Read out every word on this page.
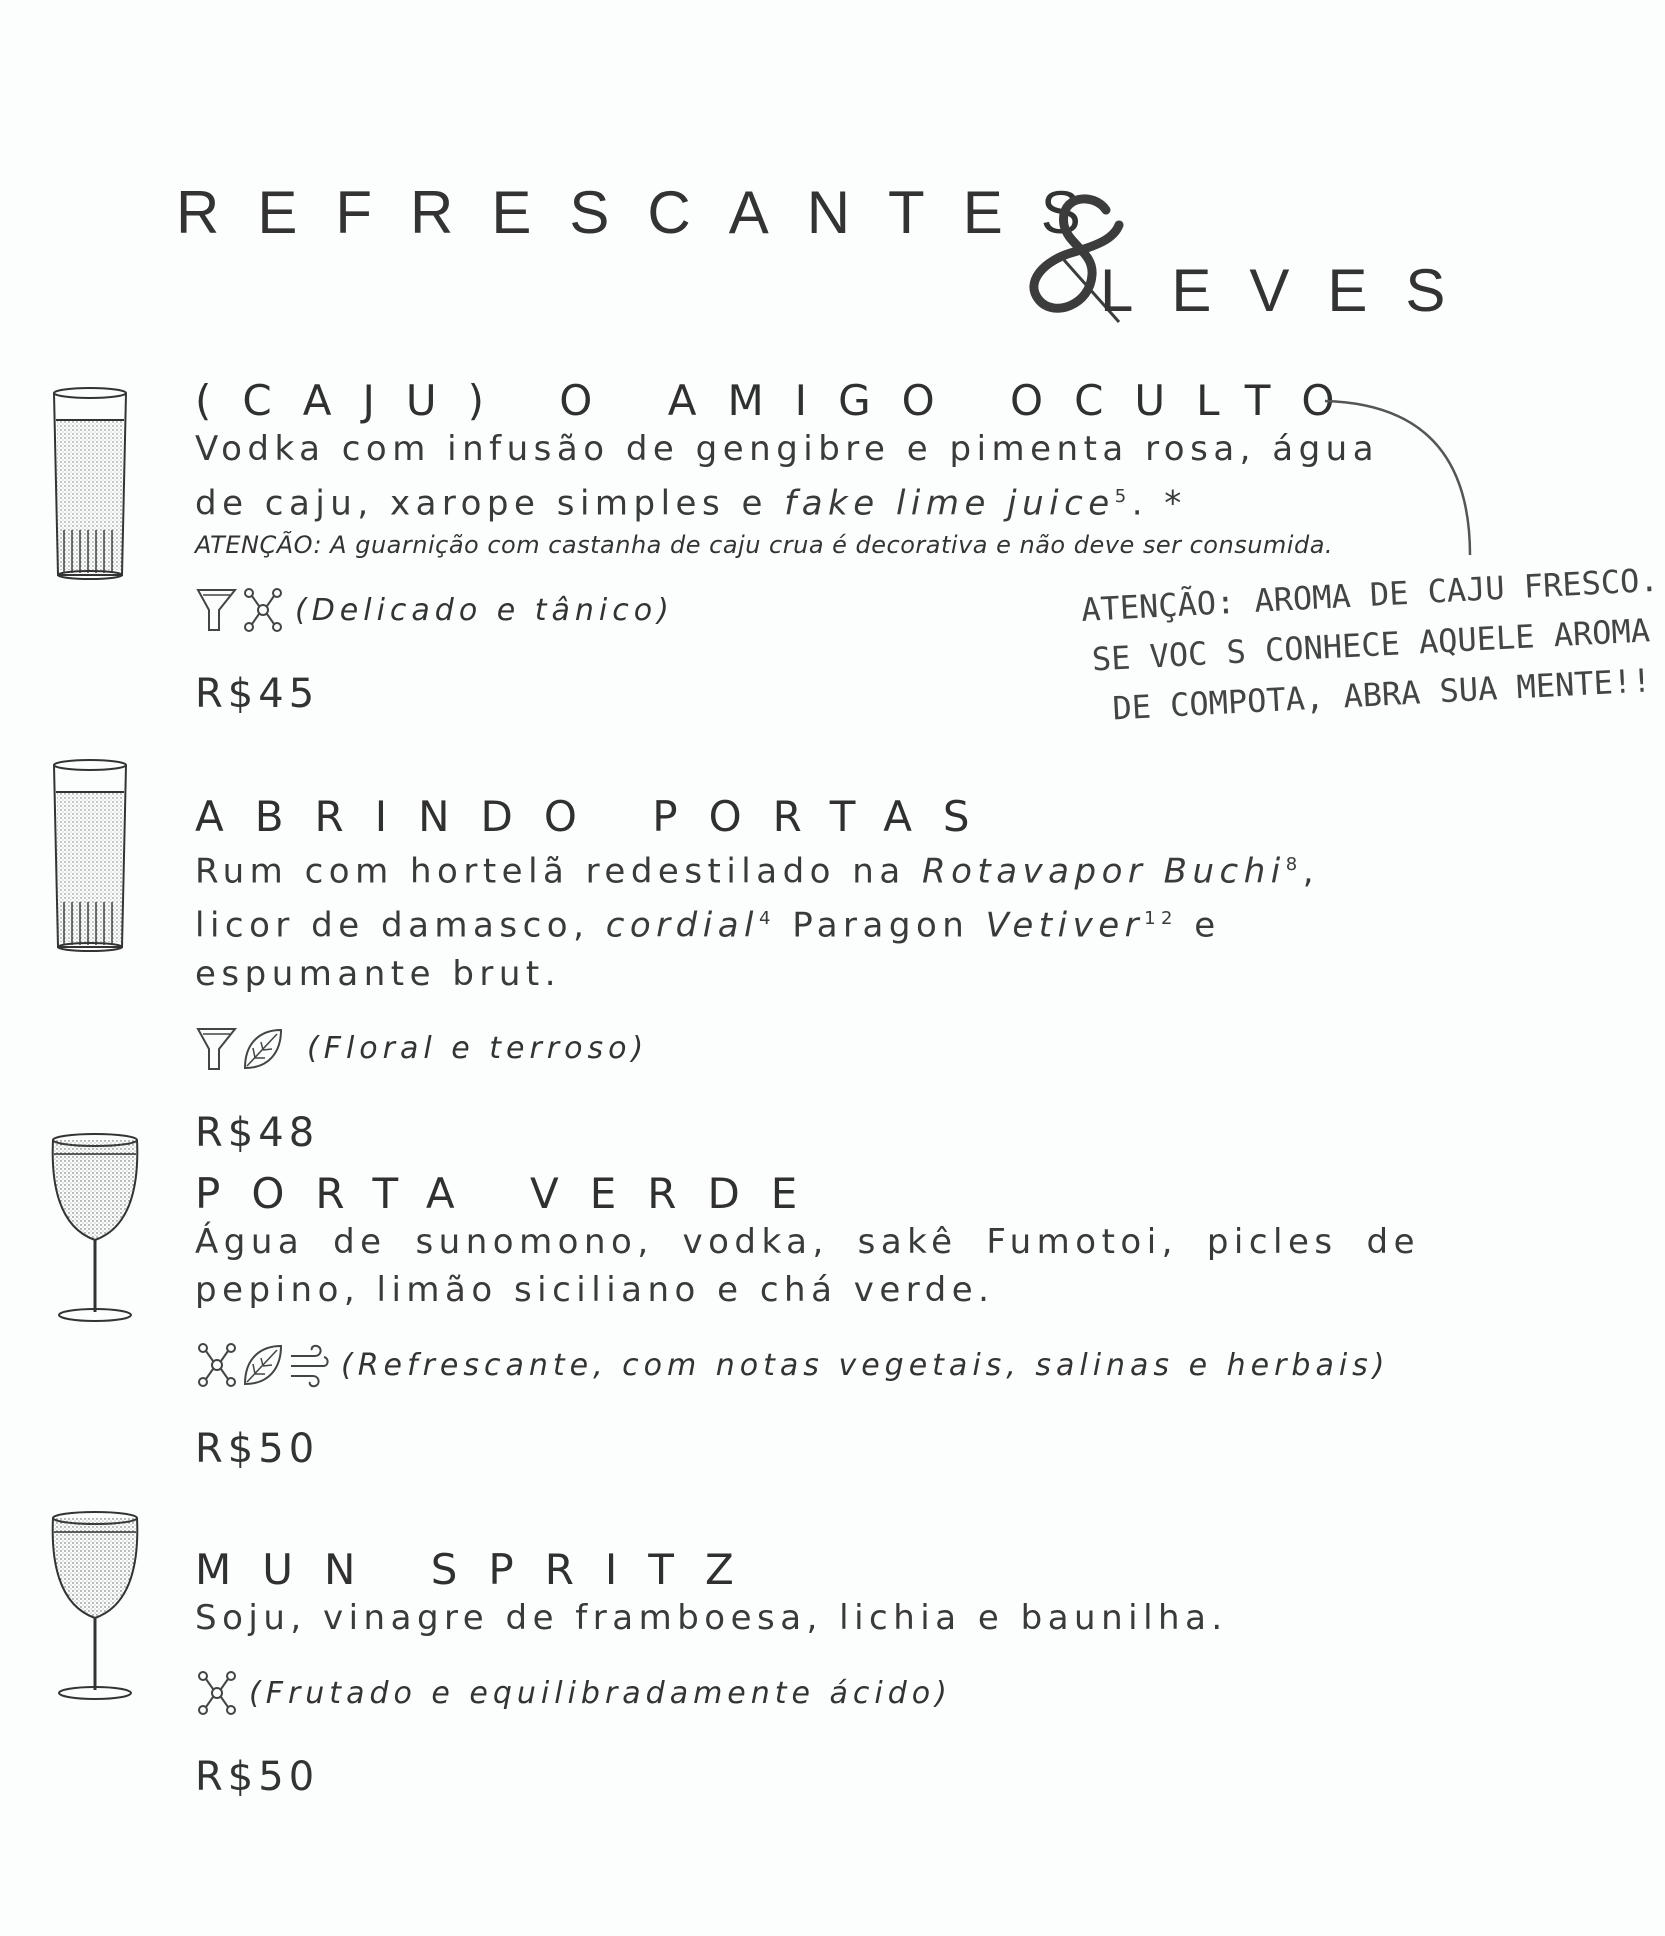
REFRESCANTES
LEVES
(CAJU) O AMIGO OCULTO

Vodka com infusão de gengibre e pimenta rosa, água de caju, xarope simples e fake lime juice$^5$. *

ATENÇÃO: A guarnição com castanha de caju crua é decorativa e não deve ser consumida.

(Delicado e tânico)
R$45
ABRINDO PORTAS

Rum com hortelã redestilado na Rotavapor Buchi$^8$, licor de damasco, cordial$^4$ Paragon Vetiver$^{12}$ e espumante brut.

(Floral e terroso)
R$48
PORTA VERDE

Água de sunomono, vodka, sakê Fumotoi, picles de
pepino, limão siciliano e chá verde.

(Refrescante, com notas vegetais, salinas e herbais)
R$50
MUN SPRITZ

Soju, vinagre de framboesa, lichia e baunilha.

(Frutado e equilibradamente ácido)
R$50
ATENÇÃO: AROMA DE CAJU FRESCO.
SE VOC S CONHECE AQUELE AROMA
DE COMPOTA, ABRA SUA MENTE!!
